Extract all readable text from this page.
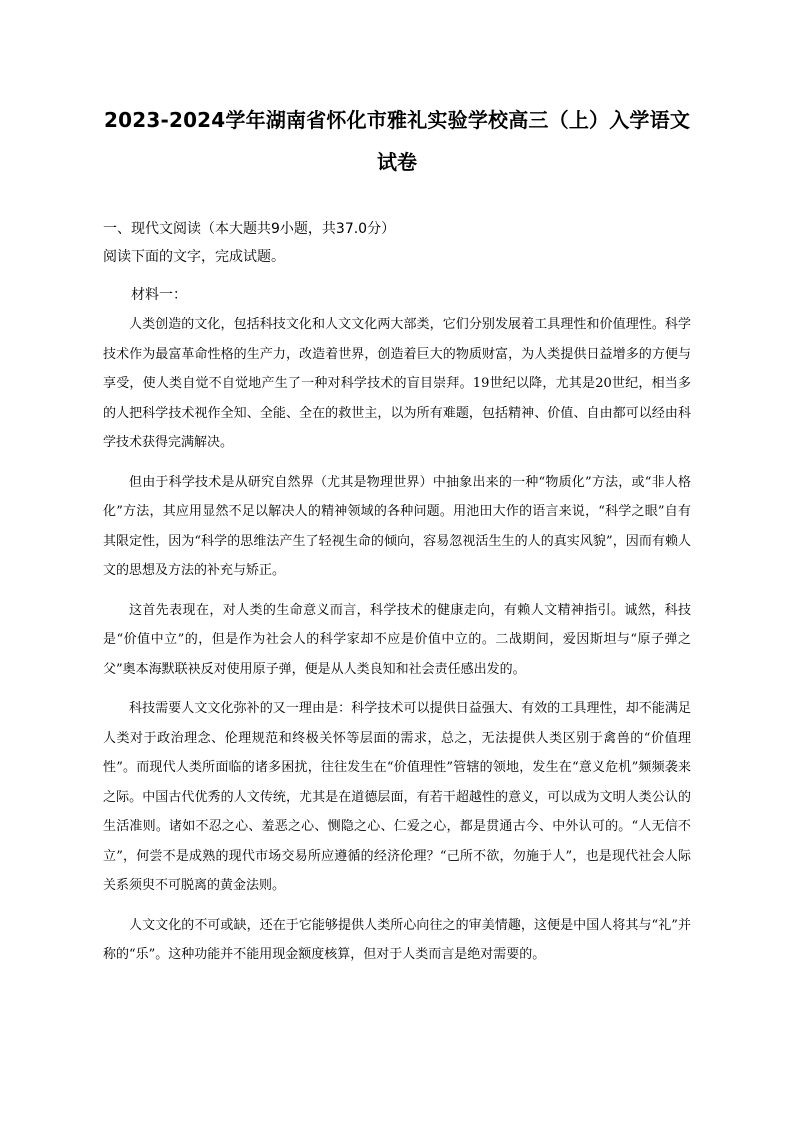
2023-2024学年湖南省怀化市雅礼实验学校高三（上）入学语文
试卷
一、现代文阅读（本大题共9小题，共37.0分）
阅读下面的文字，完成试题。
材料一：

人类创造的文化，包括科技文化和人文文化两大部类，它们分别发展着工具理性和价值理性。科学技术作为最富革命性格的生产力，改造着世界，创造着巨大的物质财富，为人类提供日益增多的方便与享受，使人类自觉不自觉地产生了一种对科学技术的盲目崇拜。19世纪以降，尤其是20世纪，相当多的人把科学技术视作全知、全能、全在的救世主，以为所有难题，包括精神、价值、自由都可以经由科学技术获得完满解决。

但由于科学技术是从研究自然界（尤其是物理世界）中抽象出来的一种“物质化”方法，或“非人格化”方法，其应用显然不足以解决人的精神领域的各种问题。用池田大作的语言来说，“科学之眼”自有其限定性，因为“科学的思维法产生了轻视生命的倾向，容易忽视活生生的人的真实风貌”，因而有赖人文的思想及方法的补充与矫正。

这首先表现在，对人类的生命意义而言，科学技术的健康走向，有赖人文精神指引。诚然，科技是“价值中立”的，但是作为社会人的科学家却不应是价值中立的。二战期间，爱因斯坦与“原子弹之父”奥本海默联袂反对使用原子弹，便是从人类良知和社会责任感出发的。

科技需要人文文化弥补的又一理由是：科学技术可以提供日益强大、有效的工具理性，却不能满足人类对于政治理念、伦理规范和终极关怀等层面的需求，总之，无法提供人类区别于禽兽的“价值理性”。而现代人类所面临的诸多困扰，往往发生在“价值理性”管辖的领地，发生在“意义危机”频频袭来之际。中国古代优秀的人文传统，尤其是在道德层面，有若干超越性的意义，可以成为文明人类公认的生活准则。诸如不忍之心、羞恶之心、恻隐之心、仁爱之心，都是贯通古今、中外认可的。“人无信不立”，何尝不是成熟的现代市场交易所应遵循的经济伦理？“己所不欲，勿施于人”，也是现代社会人际关系须臾不可脱离的黄金法则。

人文文化的不可或缺，还在于它能够提供人类所心向往之的审美情趣，这便是中国人将其与“礼”并称的“乐”。这种功能并不能用现金额度核算，但对于人类而言是绝对需要的。
